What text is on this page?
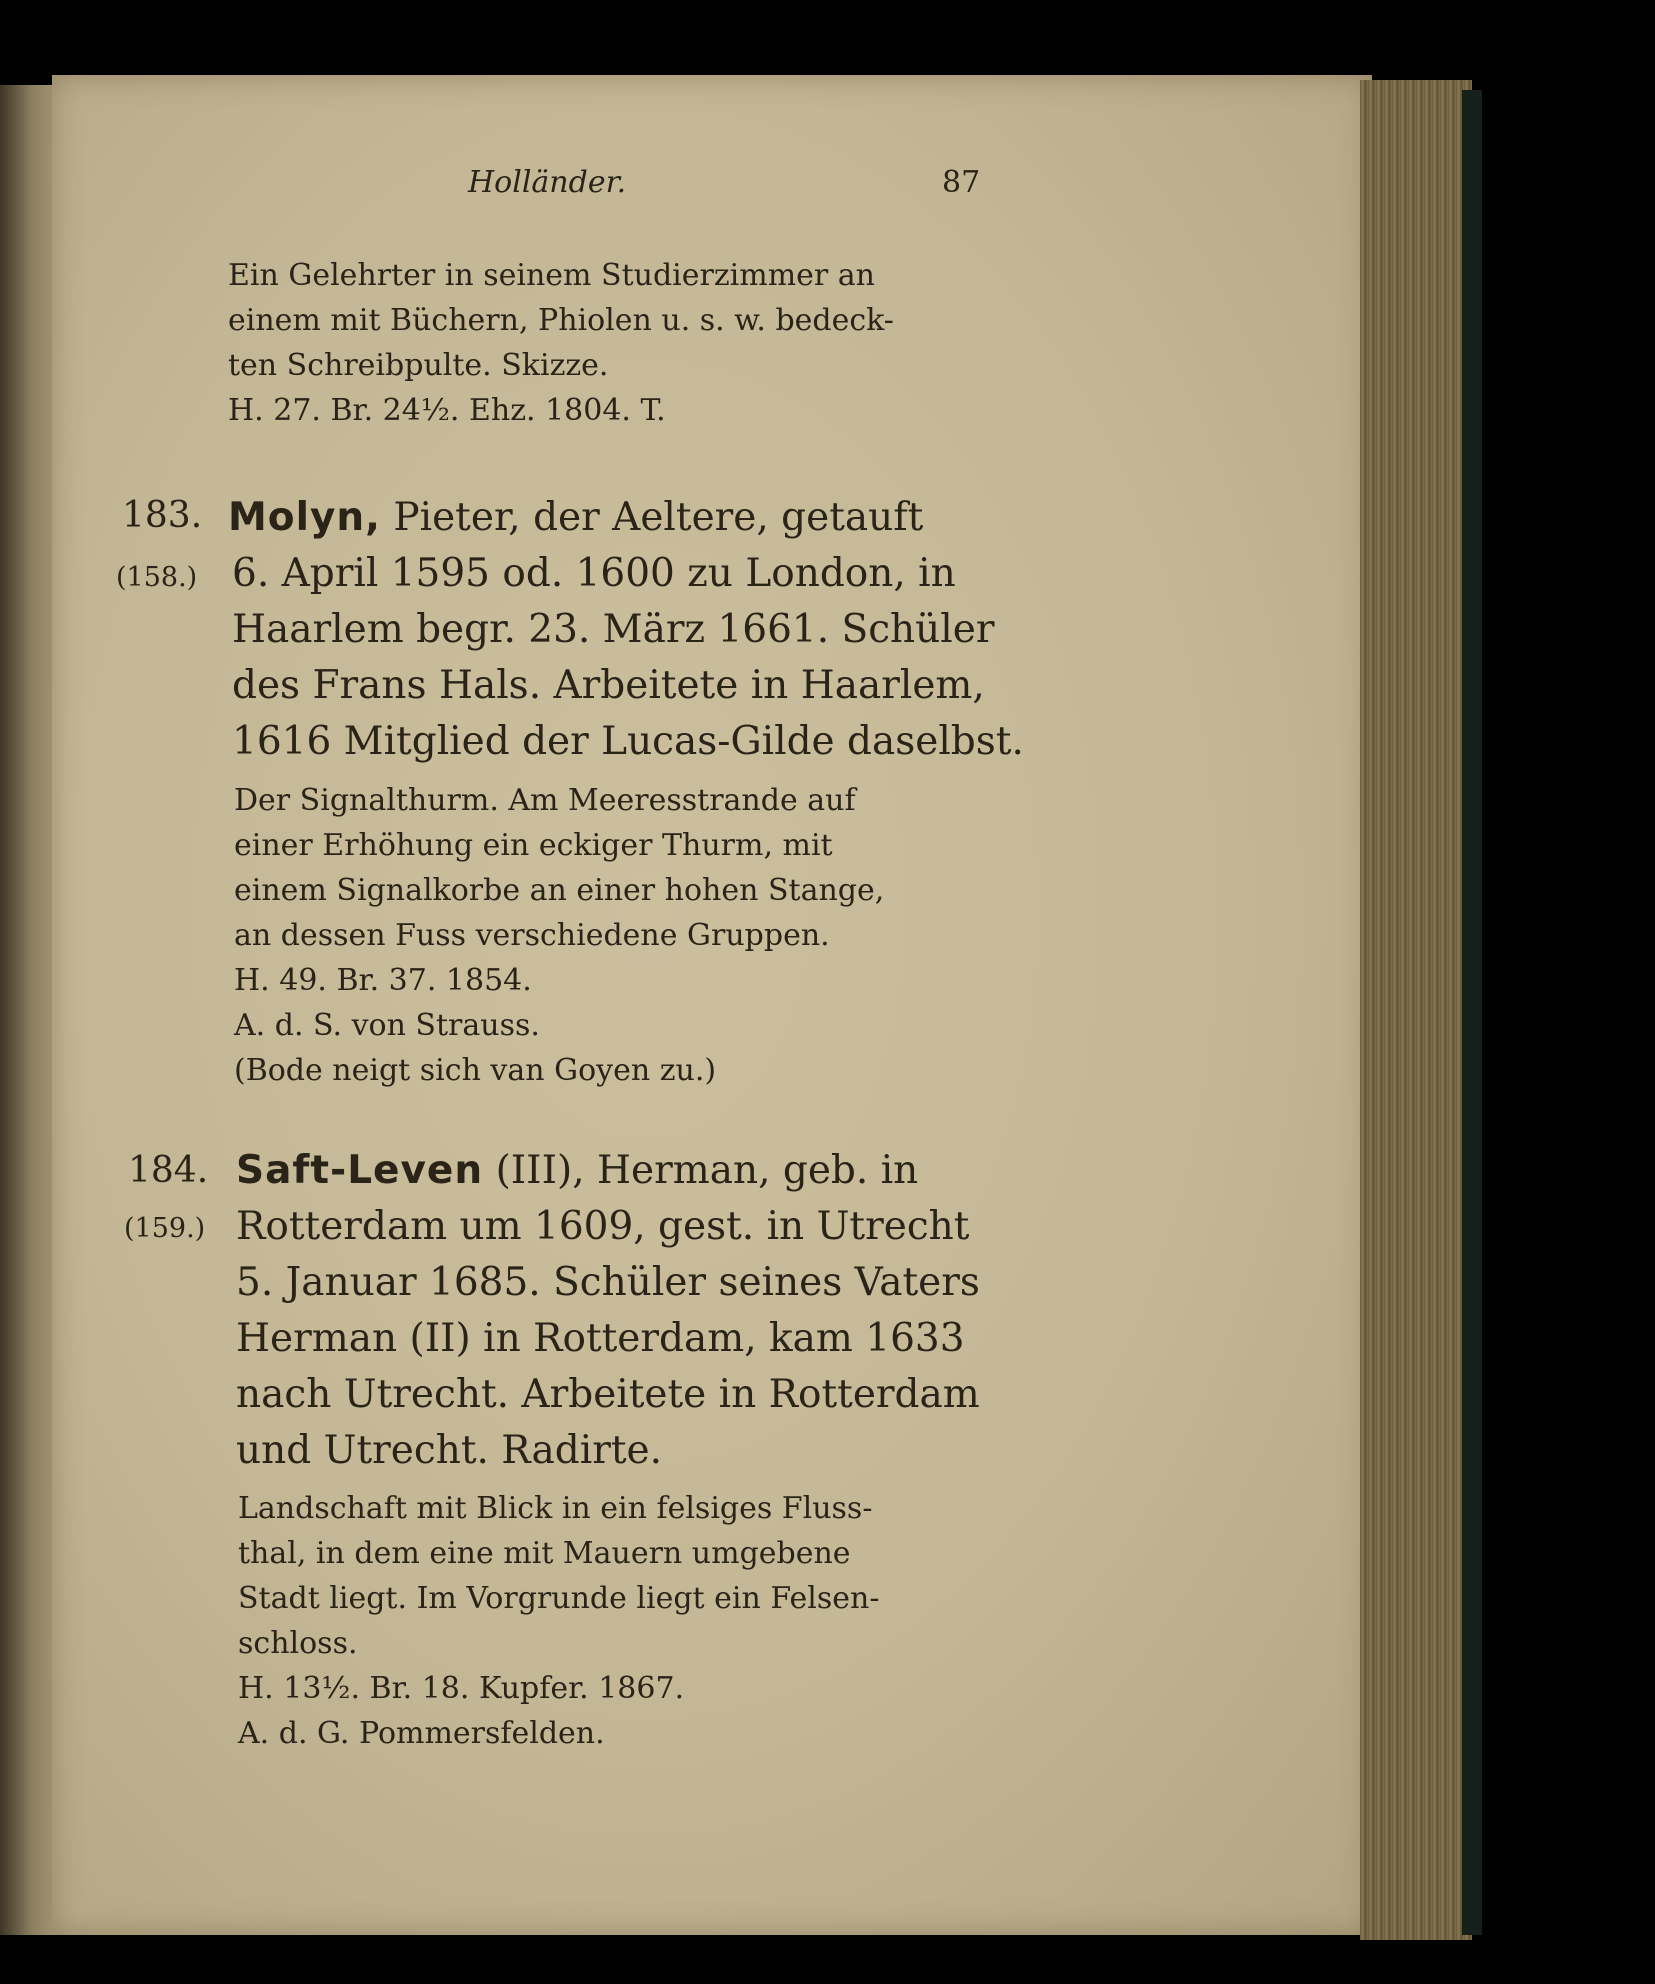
Holländer.	87
Ein Gelehrter in seinem Studierzimmer an
einem mit Büchern, Phiolen u. s. w. bedeck-
ten Schreibpulte. Skizze.
H. 27. Br. 24½. Ehz. 1804. T.
183.
(158.)
Molyn, Pieter, der Aeltere, getauft
6. April 1595 od. 1600 zu London, in
Haarlem begr. 23. März 1661. Schüler
des Frans Hals. Arbeitete in Haarlem,
1616 Mitglied der Lucas-Gilde daselbst.
Der Signalthurm. Am Meeresstrande auf
einer Erhöhung ein eckiger Thurm, mit
einem Signalkorbe an einer hohen Stange,
an dessen Fuss verschiedene Gruppen.
H. 49. Br. 37. 1854.
A. d. S. von Strauss.
(Bode neigt sich van Goyen zu.)
184.
(159.)
Saft-Leven (III), Herman, geb. in
Rotterdam um 1609, gest. in Utrecht
5. Januar 1685. Schüler seines Vaters
Herman (II) in Rotterdam, kam 1633
nach Utrecht. Arbeitete in Rotterdam
und Utrecht. Radirte.
Landschaft mit Blick in ein felsiges Fluss-
thal, in dem eine mit Mauern umgebene
Stadt liegt. Im Vorgrunde liegt ein Felsen-
schloss.
H. 13½. Br. 18. Kupfer. 1867.
A. d. G. Pommersfelden.
